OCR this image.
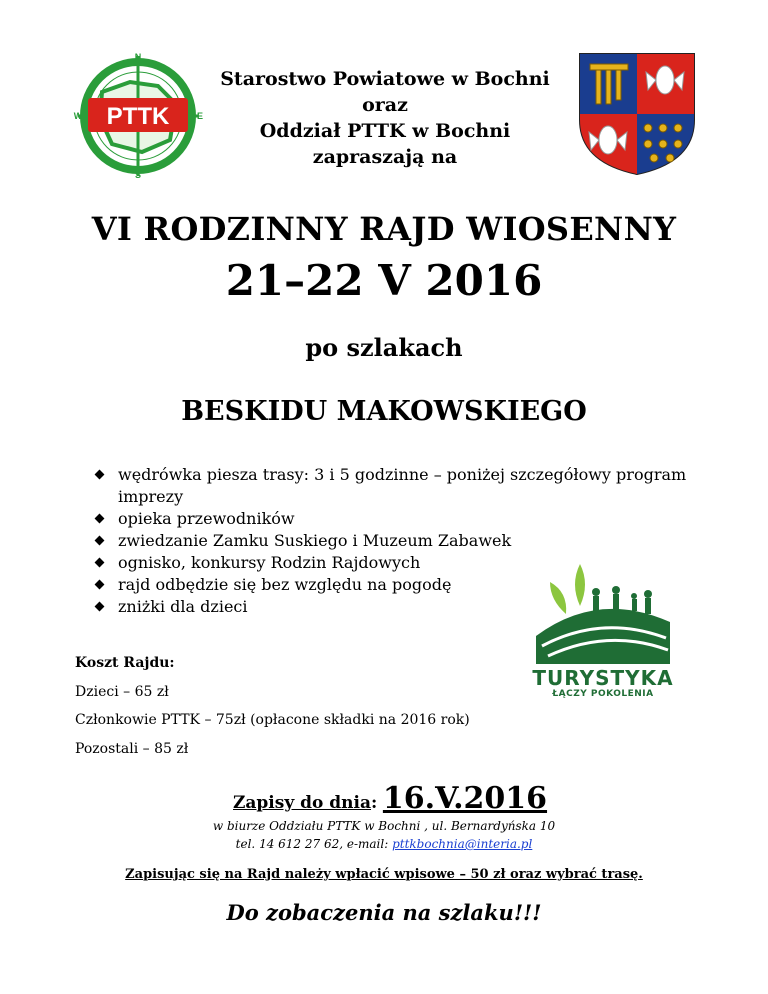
PTTK
N
S
W	E
Starostwo Powiatowe w Bochni
oraz
Oddział PTTK w Bochni
zapraszają na
VI RODZINNY RAJD WIOSENNY
21–22 V 2016
po szlakach
BESKIDU MAKOWSKIEGO
wędrówka piesza trasy: 3 i 5 godzinne – poniżej szczegółowy program imprezy
opieka przewodników
zwiedzanie Zamku Suskiego i Muzeum Zabawek
ognisko, konkursy Rodzin Rajdowych
rajd odbędzie się bez względu na pogodę
zniżki dla dzieci
TURYSTYKA
ŁĄCZY POKOLENIA
Koszt Rajdu:
Dzieci – 65 zł
Członkowie PTTK – 75zł (opłacone składki na 2016 rok)
Pozostali – 85 zł
Zapisy do dnia: 16.V.2016
w biurze Oddziału PTTK w Bochni , ul. Bernardyńska 10
tel. 14 612 27 62, e-mail: pttkbochnia@interia.pl
Zapisując się na Rajd należy wpłacić wpisowe – 50 zł oraz wybrać trasę.
Do zobaczenia na szlaku!!!
